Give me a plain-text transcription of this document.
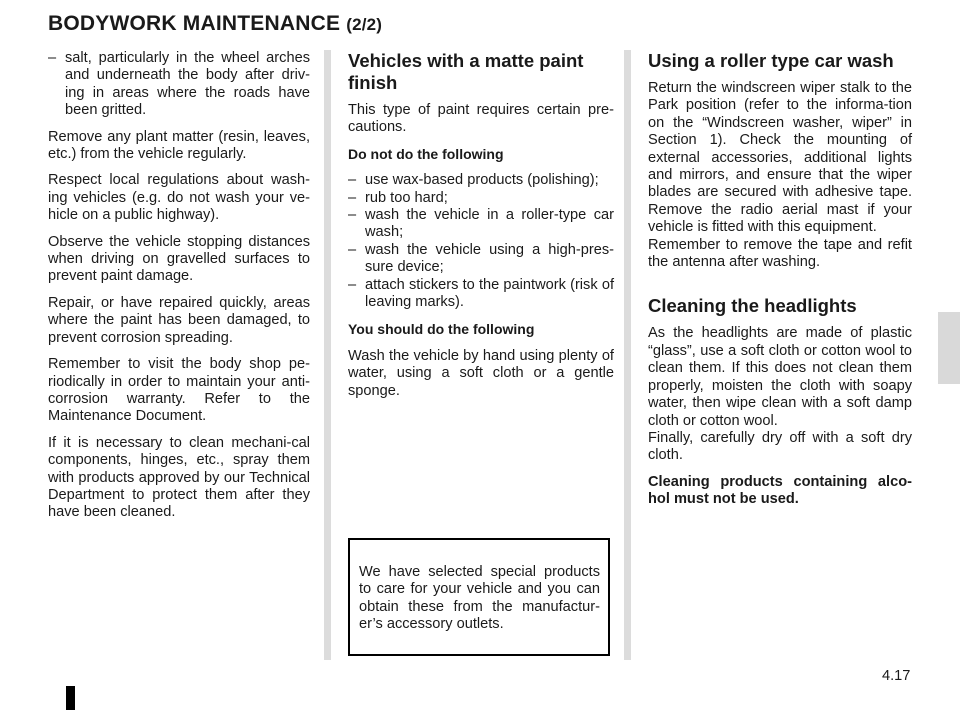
BODYWORK MAINTENANCE (2/2)

– salt, particularly in the wheel arches and underneath the body after driv-ing in areas where the roads have been gritted.

Remove any plant matter (resin, leaves, etc.) from the vehicle regularly.

Respect local regulations about wash-ing vehicles (e.g. do not wash your ve-hicle on a public highway).

Observe the vehicle stopping distances when driving on gravelled surfaces to prevent paint damage.

Repair, or have repaired quickly, areas where the paint has been damaged, to prevent corrosion spreading.

Remember to visit the body shop pe-riodically in order to maintain your anti-corrosion warranty. Refer to the Maintenance Document.

If it is necessary to clean mechani-cal components, hinges, etc., spray them with products approved by our Technical Department to protect them after they have been cleaned.

Vehicles with a matte paint finish

This type of paint requires certain pre-cautions.

Do not do the following

– use wax-based products (polishing);
– rub too hard;
– wash the vehicle in a roller-type car wash;
– wash the vehicle using a high-pres-sure device;
– attach stickers to the paintwork (risk of leaving marks).

You should do the following

Wash the vehicle by hand using plenty of water, using a soft cloth or a gentle sponge.

We have selected special products to care for your vehicle and you can obtain these from the manufactur-er’s accessory outlets.
Using a roller type car wash

Return the windscreen wiper stalk to the Park position (refer to the informa-tion on the “Windscreen washer, wiper” in Section 1). Check the mounting of external accessories, additional lights and mirrors, and ensure that the wiper blades are secured with adhesive tape. Remove the radio aerial mast if your vehicle is fitted with this equipment.

Remember to remove the tape and refit the antenna after washing.

Cleaning the headlights

As the headlights are made of plastic “glass”, use a soft cloth or cotton wool to clean them. If this does not clean them properly, moisten the cloth with soapy water, then wipe clean with a soft damp cloth or cotton wool.

Finally, carefully dry off with a soft dry cloth.

Cleaning products containing alco-hol must not be used.

4.17
